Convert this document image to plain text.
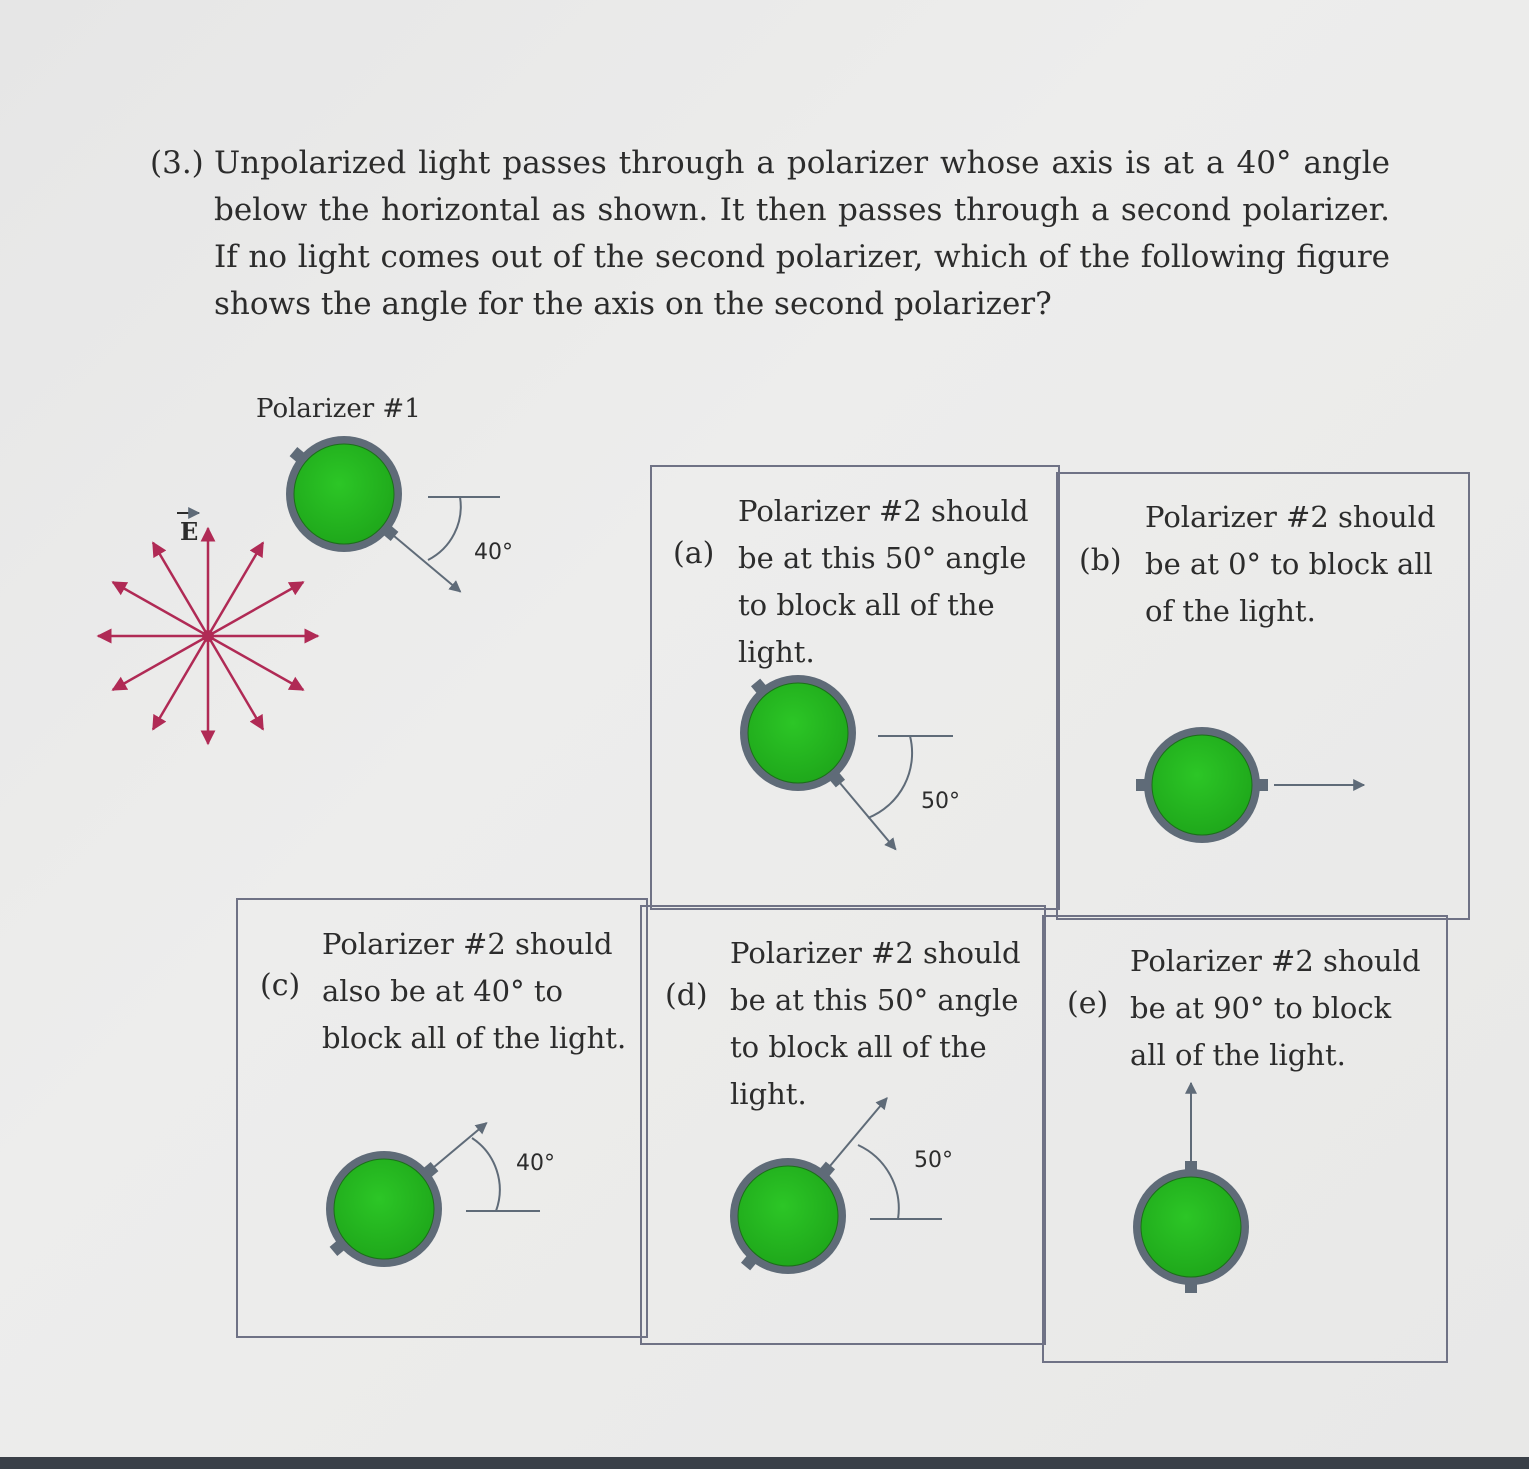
(3.) Unpolarized light passes through a polarizer whose axis is at a 40° angle below the horizontal as shown. It then passes through a second polarizer. If no light comes out of the second polarizer, which of the following figure shows the angle for the axis on the second polarizer?

Polarizer #1
(a)	(b)
(c)	(d)	(e)
Polarizer #2 should be at this 50° angle to block all of the light.
Polarizer #2 should be at 0° to block all of the light.
Polarizer #2 should also be at 40° to block all of the light.
Polarizer #2 should be at this 50° angle to block all of the light.
Polarizer #2 should be at 90° to block all of the light.
40°
50°
40°	50°
E
